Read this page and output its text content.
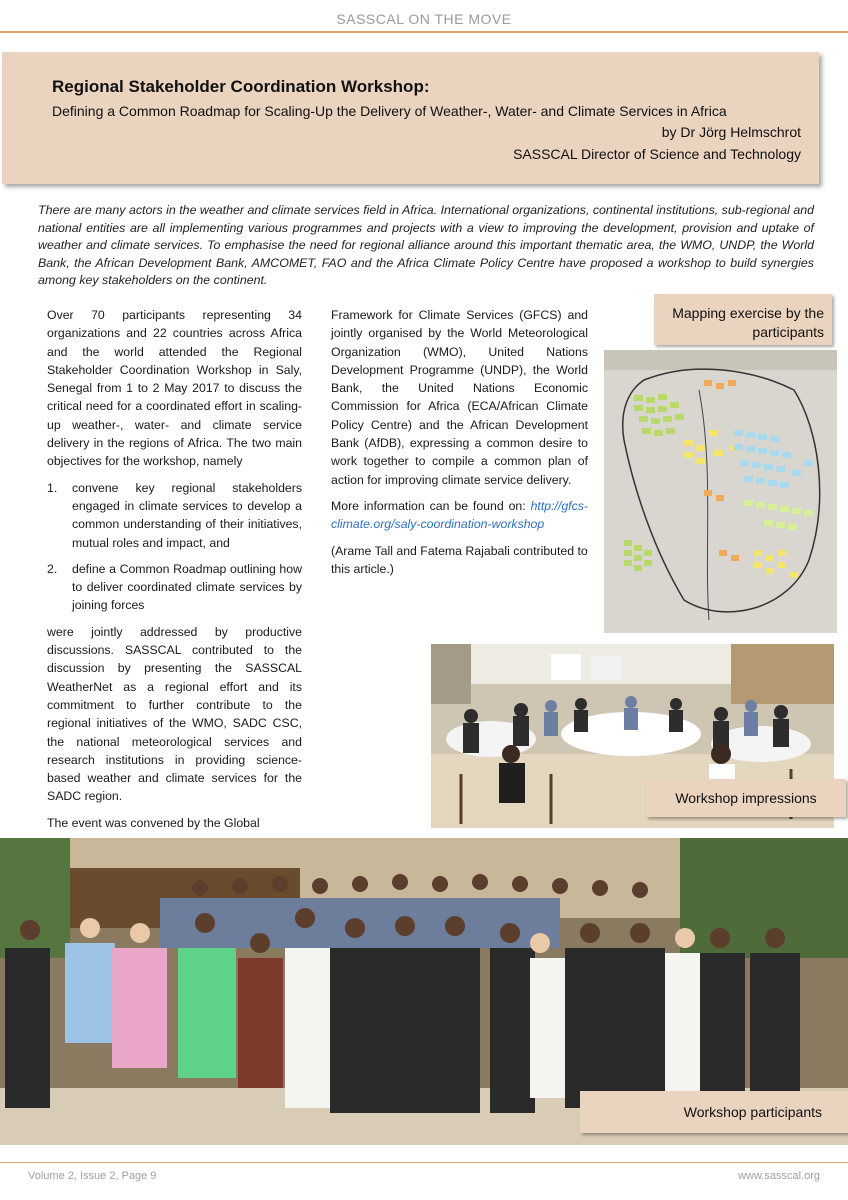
SASSCAL ON THE MOVE
Regional Stakeholder Coordination Workshop:
Defining a Common Roadmap for Scaling-Up the Delivery of Weather-, Water- and Climate Services in Africa
by Dr Jörg Helmschrot
SASSCAL Director of Science and Technology
There are many actors in the weather and climate services field in Africa. International organizations, continental institutions, sub-regional and national entities are all implementing various programmes and projects with a view to improving the development, provision and uptake of weather and climate services. To emphasise the need for regional alliance around this important thematic area, the WMO, UNDP, the World Bank, the African Development Bank, AMCOMET, FAO and the Africa Climate Policy Centre have proposed a workshop to build synergies among key stakeholders on the continent.

Over 70 participants representing 34 organizations and 22 countries across Africa and the world attended the Regional Stakeholder Coordination Workshop in Saly, Senegal from 1 to 2 May 2017 to discuss the critical need for a coordinated effort in scaling-up weather-, water- and climate service delivery in the regions of Africa. The two main objectives for the workshop, namely

1. convene key regional stakeholders engaged in climate services to develop a common understanding of their initiatives, mutual roles and impact, and
2. define a Common Roadmap outlining how to deliver coordinated climate services by joining forces

were jointly addressed by productive discussions. SASSCAL contributed to the discussion by presenting the SASSCAL WeatherNet as a regional effort and its commitment to further contribute to the regional initiatives of the WMO, SADC CSC, the national meteorological services and research institutions in providing science-based weather and climate services for the SADC region.

The event was convened by the Global

Framework for Climate Services (GFCS) and jointly organised by the World Meteorological Organization (WMO), United Nations Development Programme (UNDP), the World Bank, the United Nations Economic Commission for Africa (ECA/African Climate Policy Centre) and the African Development Bank (AfDB), expressing a common desire to work together to compile a common plan of action for improving climate service delivery.

More information can be found on: http://gfcs-climate.org/saly-coordination-workshop

(Arame Tall and Fatema Rajabali contributed to this article.)

Mapping exercise by the participants
Workshop impressions
Workshop participants
Volume 2, Issue 2, Page 9	www.sasscal.org
